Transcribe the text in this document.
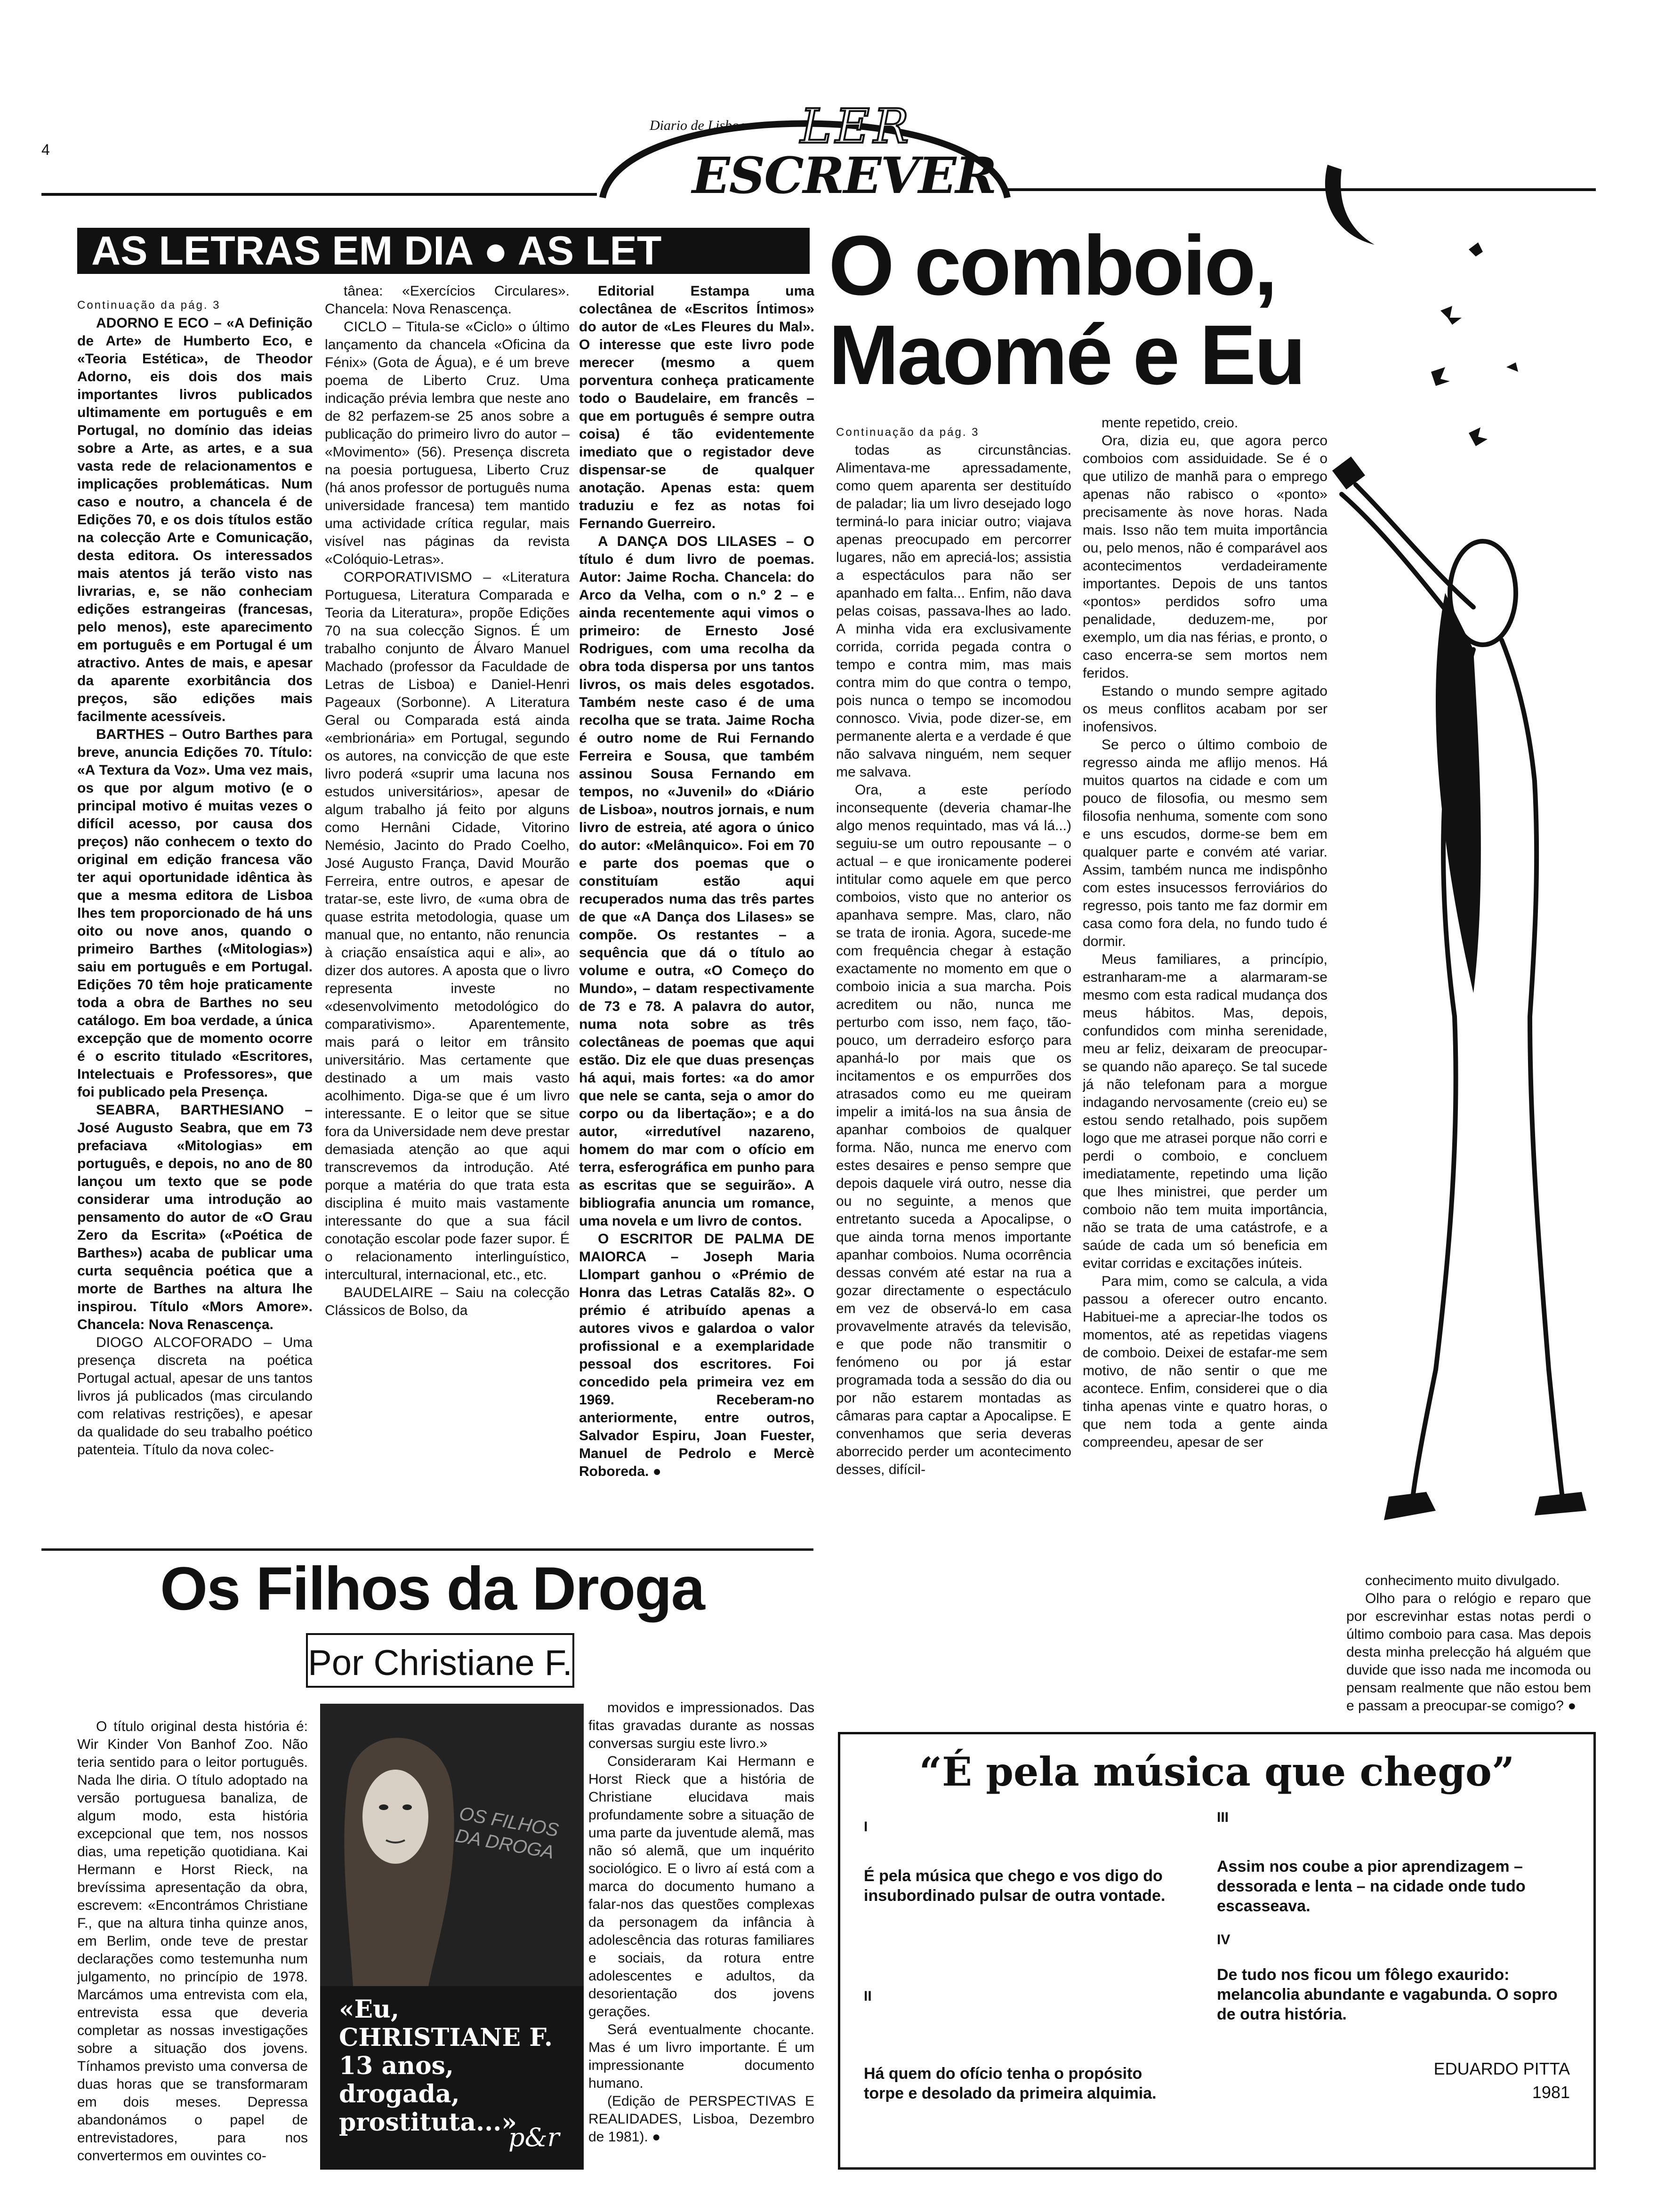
4
Diario de Lisboa LER
ESCREVER
AS LETRAS EM DIA ● AS LET

Continuação da pág. 3

ADORNO E ECO – «A Definição de Arte» de Humberto Eco, e «Teoria Estética», de Theodor Adorno, eis dois dos mais importantes livros publicados ultimamente em português e em Portugal, no domínio das ideias sobre a Arte, as artes, e a sua vasta rede de relacionamentos e implicações problemáticas. Num caso e noutro, a chancela é de Edições 70, e os dois títulos estão na colecção Arte e Comunicação, desta editora. Os interessados mais atentos já terão visto nas livrarias, e, se não conheciam edições estrangeiras (francesas, pelo menos), este aparecimento em português e em Portugal é um atractivo. Antes de mais, e apesar da aparente exorbitância dos preços, são edições mais facilmente acessíveis.

BARTHES – Outro Barthes para breve, anuncia Edições 70. Título: «A Textura da Voz». Uma vez mais, os que por algum motivo (e o principal motivo é muitas vezes o difícil acesso, por causa dos preços) não conhecem o texto do original em edição francesa vão ter aqui oportunidade idêntica às que a mesma editora de Lisboa lhes tem proporcionado de há uns oito ou nove anos, quando o primeiro Barthes («Mitologias») saiu em português e em Portugal. Edições 70 têm hoje praticamente toda a obra de Barthes no seu catálogo. Em boa verdade, a única excepção que de momento ocorre é o escrito titulado «Escritores, Intelectuais e Professores», que foi publicado pela Presença.

SEABRA, BARTHESIANO – José Augusto Seabra, que em 73 prefaciava «Mitologias» em português, e depois, no ano de 80 lançou um texto que se pode considerar uma introdução ao pensamento do autor de «O Grau Zero da Escrita» («Poética de Barthes») acaba de publicar uma curta sequência poética que a morte de Barthes na altura lhe inspirou. Título «Mors Amore». Chancela: Nova Renascença.

DIOGO ALCOFORADO – Uma presença discreta na poética Portugal actual, apesar de uns tantos livros já publicados (mas circulando com relativas restrições), e apesar da qualidade do seu trabalho poético patenteia. Título da nova colec-

tânea: «Exercícios Circulares». Chancela: Nova Renascença.

CICLO – Titula-se «Ciclo» o último lançamento da chancela «Oficina da Fénix» (Gota de Água), e é um breve poema de Liberto Cruz. Uma indicação prévia lembra que neste ano de 82 perfazem-se 25 anos sobre a publicação do primeiro livro do autor – «Movimento» (56). Presença discreta na poesia portuguesa, Liberto Cruz (há anos professor de português numa universidade francesa) tem mantido uma actividade crítica regular, mais visível nas páginas da revista «Colóquio-Letras».

CORPORATIVISMO – «Literatura Portuguesa, Literatura Comparada e Teoria da Literatura», propõe Edições 70 na sua colecção Signos. É um trabalho conjunto de Álvaro Manuel Machado (professor da Faculdade de Letras de Lisboa) e Daniel-Henri Pageaux (Sorbonne). A Literatura Geral ou Comparada está ainda «embrionária» em Portugal, segundo os autores, na convicção de que este livro poderá «suprir uma lacuna nos estudos universitários», apesar de algum trabalho já feito por alguns como Hernâni Cidade, Vitorino Nemésio, Jacinto do Prado Coelho, José Augusto França, David Mourão Ferreira, entre outros, e apesar de tratar-se, este livro, de «uma obra de quase estrita metodologia, quase um manual que, no entanto, não renuncia à criação ensaística aqui e ali», ao dizer dos autores. A aposta que o livro representa investe no «desenvolvimento metodológico do comparativismo». Aparentemente, mais pará o leitor em trânsito universitário. Mas certamente que destinado a um mais vasto acolhimento. Diga-se que é um livro interessante. E o leitor que se situe fora da Universidade nem deve prestar demasiada atenção ao que aqui transcrevemos da introdução. Até porque a matéria do que trata esta disciplina é muito mais vastamente interessante do que a sua fácil conotação escolar pode fazer supor. É o relacionamento interlinguístico, intercultural, internacional, etc., etc.

BAUDELAIRE – Saiu na colecção Clássicos de Bolso, da

Editorial Estampa uma colectânea de «Escritos Íntimos» do autor de «Les Fleures du Mal». O interesse que este livro pode merecer (mesmo a quem porventura conheça praticamente todo o Baudelaire, em francês – que em português é sempre outra coisa) é tão evidentemente imediato que o registador deve dispensar-se de qualquer anotação. Apenas esta: quem traduziu e fez as notas foi Fernando Guerreiro.

A DANÇA DOS LILASES – O título é dum livro de poemas. Autor: Jaime Rocha. Chancela: do Arco da Velha, com o n.º 2 – e ainda recentemente aqui vimos o primeiro: de Ernesto José Rodrigues, com uma recolha da obra toda dispersa por uns tantos livros, os mais deles esgotados. Também neste caso é de uma recolha que se trata. Jaime Rocha é outro nome de Rui Fernando Ferreira e Sousa, que também assinou Sousa Fernando em tempos, no «Juvenil» do «Diário de Lisboa», noutros jornais, e num livro de estreia, até agora o único do autor: «Melânquico». Foi em 70 e parte dos poemas que o constituíam estão aqui recuperados numa das três partes de que «A Dança dos Lilases» se compõe. Os restantes – a sequência que dá o título ao volume e outra, «O Começo do Mundo», – datam respectivamente de 73 e 78. A palavra do autor, numa nota sobre as três colectâneas de poemas que aqui estão. Diz ele que duas presenças há aqui, mais fortes: «a do amor que nele se canta, seja o amor do corpo ou da libertação»; e a do autor, «irredutível nazareno, homem do mar com o ofício em terra, esferográfica em punho para as escritas que se seguirão». A bibliografia anuncia um romance, uma novela e um livro de contos.

O ESCRITOR DE PALMA DE MAIORCA – Joseph Maria Llompart ganhou o «Prémio de Honra das Letras Catalãs 82». O prémio é atribuído apenas a autores vivos e galardoa o valor profissional e a exemplaridade pessoal dos escritores. Foi concedido pela primeira vez em 1969. Receberam-no anteriormente, entre outros, Salvador Espiru, Joan Fuester, Manuel de Pedrolo e Mercè Roboreda. ●

O comboio,
Maomé e Eu

Continuação da pág. 3

todas as circunstâncias. Alimentava-me apressadamente, como quem aparenta ser destituído de paladar; lia um livro desejado logo terminá-lo para iniciar outro; viajava apenas preocupado em percorrer lugares, não em apreciá-los; assistia a espectáculos para não ser apanhado em falta... Enfim, não dava pelas coisas, passava-lhes ao lado. A minha vida era exclusivamente corrida, corrida pegada contra o tempo e contra mim, mas mais contra mim do que contra o tempo, pois nunca o tempo se incomodou connosco. Vivia, pode dizer-se, em permanente alerta e a verdade é que não salvava ninguém, nem sequer me salvava.

Ora, a este período inconsequente (deveria chamar-lhe algo menos requintado, mas vá lá...) seguiu-se um outro repousante – o actual – e que ironicamente poderei intitular como aquele em que perco comboios, visto que no anterior os apanhava sempre. Mas, claro, não se trata de ironia. Agora, sucede-me com frequência chegar à estação exactamente no momento em que o comboio inicia a sua marcha. Pois acreditem ou não, nunca me perturbo com isso, nem faço, tão-pouco, um derradeiro esforço para apanhá-lo por mais que os incitamentos e os empurrões dos atrasados como eu me queiram impelir a imitá-los na sua ânsia de apanhar comboios de qualquer forma. Não, nunca me enervo com estes desaires e penso sempre que depois daquele virá outro, nesse dia ou no seguinte, a menos que entretanto suceda a Apocalipse, o que ainda torna menos importante apanhar comboios. Numa ocorrência dessas convém até estar na rua a gozar directamente o espectáculo em vez de observá-lo em casa provavelmente através da televisão, e que pode não transmitir o fenómeno ou por já estar programada toda a sessão do dia ou por não estarem montadas as câmaras para captar a Apocalipse. E convenhamos que seria deveras aborrecido perder um acontecimento desses, difícil-

mente repetido, creio.

Ora, dizia eu, que agora perco comboios com assiduidade. Se é o que utilizo de manhã para o emprego apenas não rabisco o «ponto» precisamente às nove horas. Nada mais. Isso não tem muita importância ou, pelo menos, não é comparável aos acontecimentos verdadeiramente importantes. Depois de uns tantos «pontos» perdidos sofro uma penalidade, deduzem-me, por exemplo, um dia nas férias, e pronto, o caso encerra-se sem mortos nem feridos.

Estando o mundo sempre agitado os meus conflitos acabam por ser inofensivos.

Se perco o último comboio de regresso ainda me aflijo menos. Há muitos quartos na cidade e com um pouco de filosofia, ou mesmo sem filosofia nenhuma, somente com sono e uns escudos, dorme-se bem em qualquer parte e convém até variar. Assim, também nunca me indispônho com estes insucessos ferroviários do regresso, pois tanto me faz dormir em casa como fora dela, no fundo tudo é dormir.

Meus familiares, a princípio, estranharam-me a alarmaram-se mesmo com esta radical mudança dos meus hábitos. Mas, depois, confundidos com minha serenidade, meu ar feliz, deixaram de preocupar-se quando não apareço. Se tal sucede já não telefonam para a morgue indagando nervosamente (creio eu) se estou sendo retalhado, pois supõem logo que me atrasei porque não corri e perdi o comboio, e concluem imediatamente, repetindo uma lição que lhes ministrei, que perder um comboio não tem muita importância, não se trata de uma catástrofe, e a saúde de cada um só beneficia em evitar corridas e excitações inúteis.

Para mim, como se calcula, a vida passou a oferecer outro encanto. Habituei-me a apreciar-lhe todos os momentos, até as repetidas viagens de comboio. Deixei de estafar-me sem motivo, de não sentir o que me acontece. Enfim, considerei que o dia tinha apenas vinte e quatro horas, o que nem toda a gente ainda compreendeu, apesar de ser

conhecimento muito divulgado.

Olho para o relógio e reparo que por escrevinhar estas notas perdi o último comboio para casa. Mas depois desta minha prelecção há alguém que duvide que isso nada me incomoda ou pensam realmente que não estou bem e passam a preocupar-se comigo? ●

Os Filhos da Droga
Por Christiane F.

O título original desta história é: Wir Kinder Von Banhof Zoo. Não teria sentido para o leitor português. Nada lhe diria. O título adoptado na versão portuguesa banaliza, de algum modo, esta história excepcional que tem, nos nossos dias, uma repetição quotidiana. Kai Hermann e Horst Rieck, na brevíssima apresentação da obra, escrevem: «Encontrámos Christiane F., que na altura tinha quinze anos, em Berlim, onde teve de prestar declarações como testemunha num julgamento, no princípio de 1978. Marcámos uma entrevista com ela, entrevista essa que deveria completar as nossas investigações sobre a situação dos jovens. Tínhamos previsto uma conversa de duas horas que se transformaram em dois meses. Depressa abandonámos o papel de entrevistadores, para nos convertermos em ouvintes co-

OS FILHOS DA DROGA
«Eu,
CHRISTIANE F.
13 anos, drogada,
prostituta...»
p&r

movidos e impressionados. Das fitas gravadas durante as nossas conversas surgiu este livro.»

Consideraram Kai Hermann e Horst Rieck que a história de Christiane elucidava mais profundamente sobre a situação de uma parte da juventude alemã, mas não só alemã, que um inquérito sociológico. E o livro aí está com a marca do documento humano a falar-nos das questões complexas da personagem da infância à adolescência das roturas familiares e sociais, da rotura entre adolescentes e adultos, da desorientação dos jovens gerações.

Será eventualmente chocante. Mas é um livro importante. É um impressionante documento humano.

(Edição de PERSPECTIVAS E REALIDADES, Lisboa, Dezembro de 1981). ●

“É pela música que chego”
I
É pela música que chego e vos digo do insubordinado pulsar de outra vontade.
II
Há quem do ofício tenha o propósito torpe e desolado da primeira alquimia.
III
Assim nos coube a pior aprendizagem – dessorada e lenta – na cidade onde tudo escasseava.
IV
De tudo nos ficou um fôlego exaurido: melancolia abundante e vagabunda. O sopro de outra história.
EDUARDO PITTA
1981
